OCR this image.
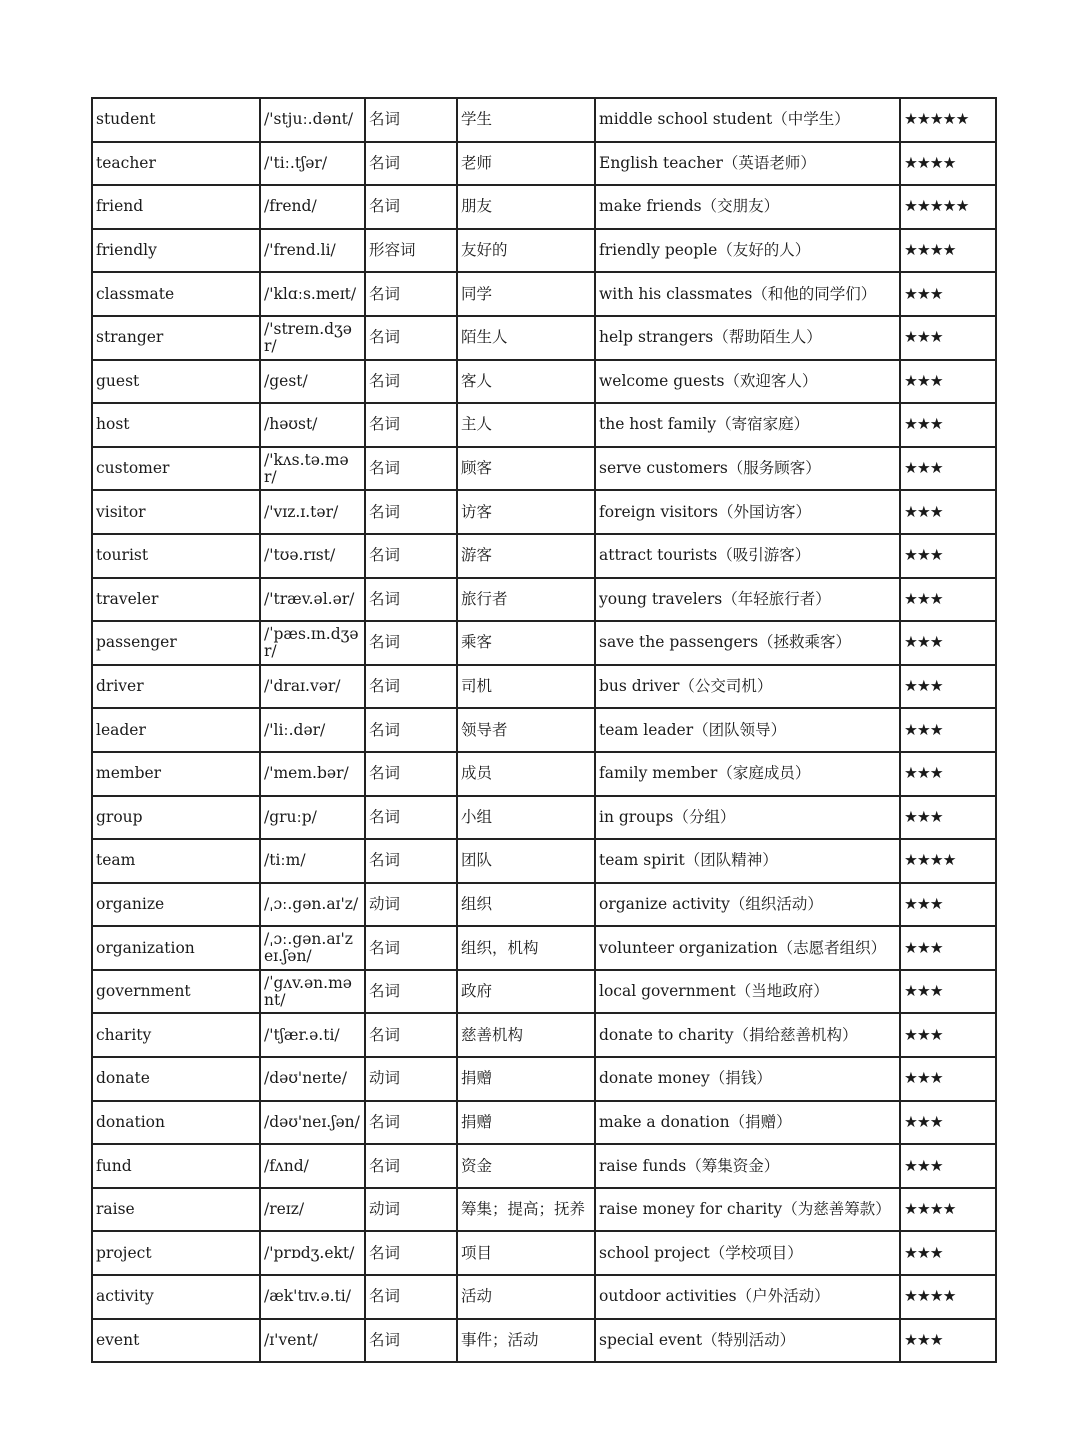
student	/'stjuː.dənt/	名词	学生	middle school student（中学生）	★★★★★
teacher	/'tiː.tʃər/	名词	老师	English teacher（英语老师）	★★★★
friend	/frend/	名词	朋友	make friends（交朋友）	★★★★★
friendly	/'frend.li/	形容词	友好的	friendly people（友好的人）	★★★★
classmate	/'klɑːs.meɪt/	名词	同学	with his classmates（和他的同学们）	★★★
stranger	/'streɪn.dʒər/	名词	陌生人	help strangers（帮助陌生人）	★★★
guest	/gest/	名词	客人	welcome guests（欢迎客人）	★★★
host	/həʊst/	名词	主人	the host family（寄宿家庭）	★★★
customer	/'kʌs.tə.mər/	名词	顾客	serve customers（服务顾客）	★★★
visitor	/'vɪz.ɪ.tər/	名词	访客	foreign visitors（外国访客）	★★★
tourist	/'tʊə.rɪst/	名词	游客	attract tourists（吸引游客）	★★★
traveler	/'træv.əl.ər/	名词	旅行者	young travelers（年轻旅行者）	★★★
passenger	/ˈpæs.ɪn.dʒər/	名词	乘客	save the passengers（拯救乘客）	★★★
driver	/'draɪ.vər/	名词	司机	bus driver（公交司机）	★★★
leader	/'liː.dər/	名词	领导者	team leader（团队领导）	★★★
member	/'mem.bər/	名词	成员	family member（家庭成员）	★★★
group	/gruːp/	名词	小组	in groups（分组）	★★★
team	/tiːm/	名词	团队	team spirit（团队精神）	★★★★
organize	/ˌɔː.gən.aɪ'z/	动词	组织	organize activity（组织活动）	★★★
organization	/ˌɔː.gən.aɪ'zeɪ.ʃən/	名词	组织，机构	volunteer organization（志愿者组织）	★★★
government	/ˈgʌv.ən.mənt/	名词	政府	local government（当地政府）	★★★
charity	/'tʃær.ə.ti/	名词	慈善机构	donate to charity（捐给慈善机构）	★★★
donate	/dəʊ'neɪte/	动词	捐赠	donate money（捐钱）	★★★
donation	/dəʊ'neɪ.ʃən/	名词	捐赠	make a donation（捐赠）	★★★
fund	/fʌnd/	名词	资金	raise funds（筹集资金）	★★★
raise	/reɪz/	动词	筹集；提高；抚养	raise money for charity（为慈善筹款）	★★★★
project	/'prɒdʒ.ekt/	名词	项目	school project（学校项目）	★★★
activity	/æk'tɪv.ə.ti/	名词	活动	outdoor activities（户外活动）	★★★★
event	/ɪ'vent/	名词	事件；活动	special event（特别活动）	★★★
